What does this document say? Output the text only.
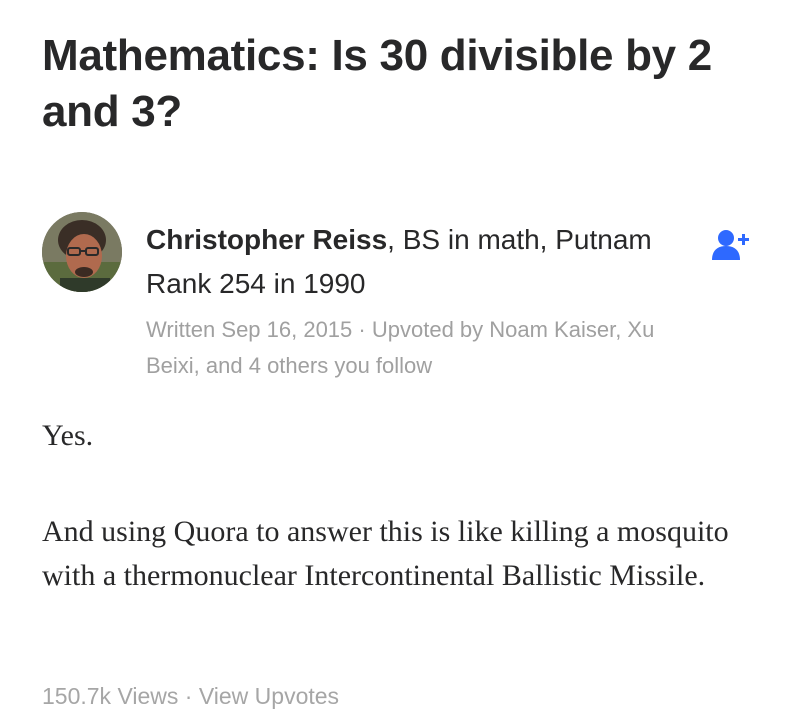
Mathematics: Is 30 divisible by 2 and 3?
Christopher Reiss, BS in math, Putnam Rank 254 in 1990
Written Sep 16, 2015 · Upvoted by Noam Kaiser, Xu Beixi, and 4 others you follow

Yes.

And using Quora to answer this is like killing a mosquito with a thermonuclear Intercontinental Ballistic Missile.

150.7k Views · View Upvotes
